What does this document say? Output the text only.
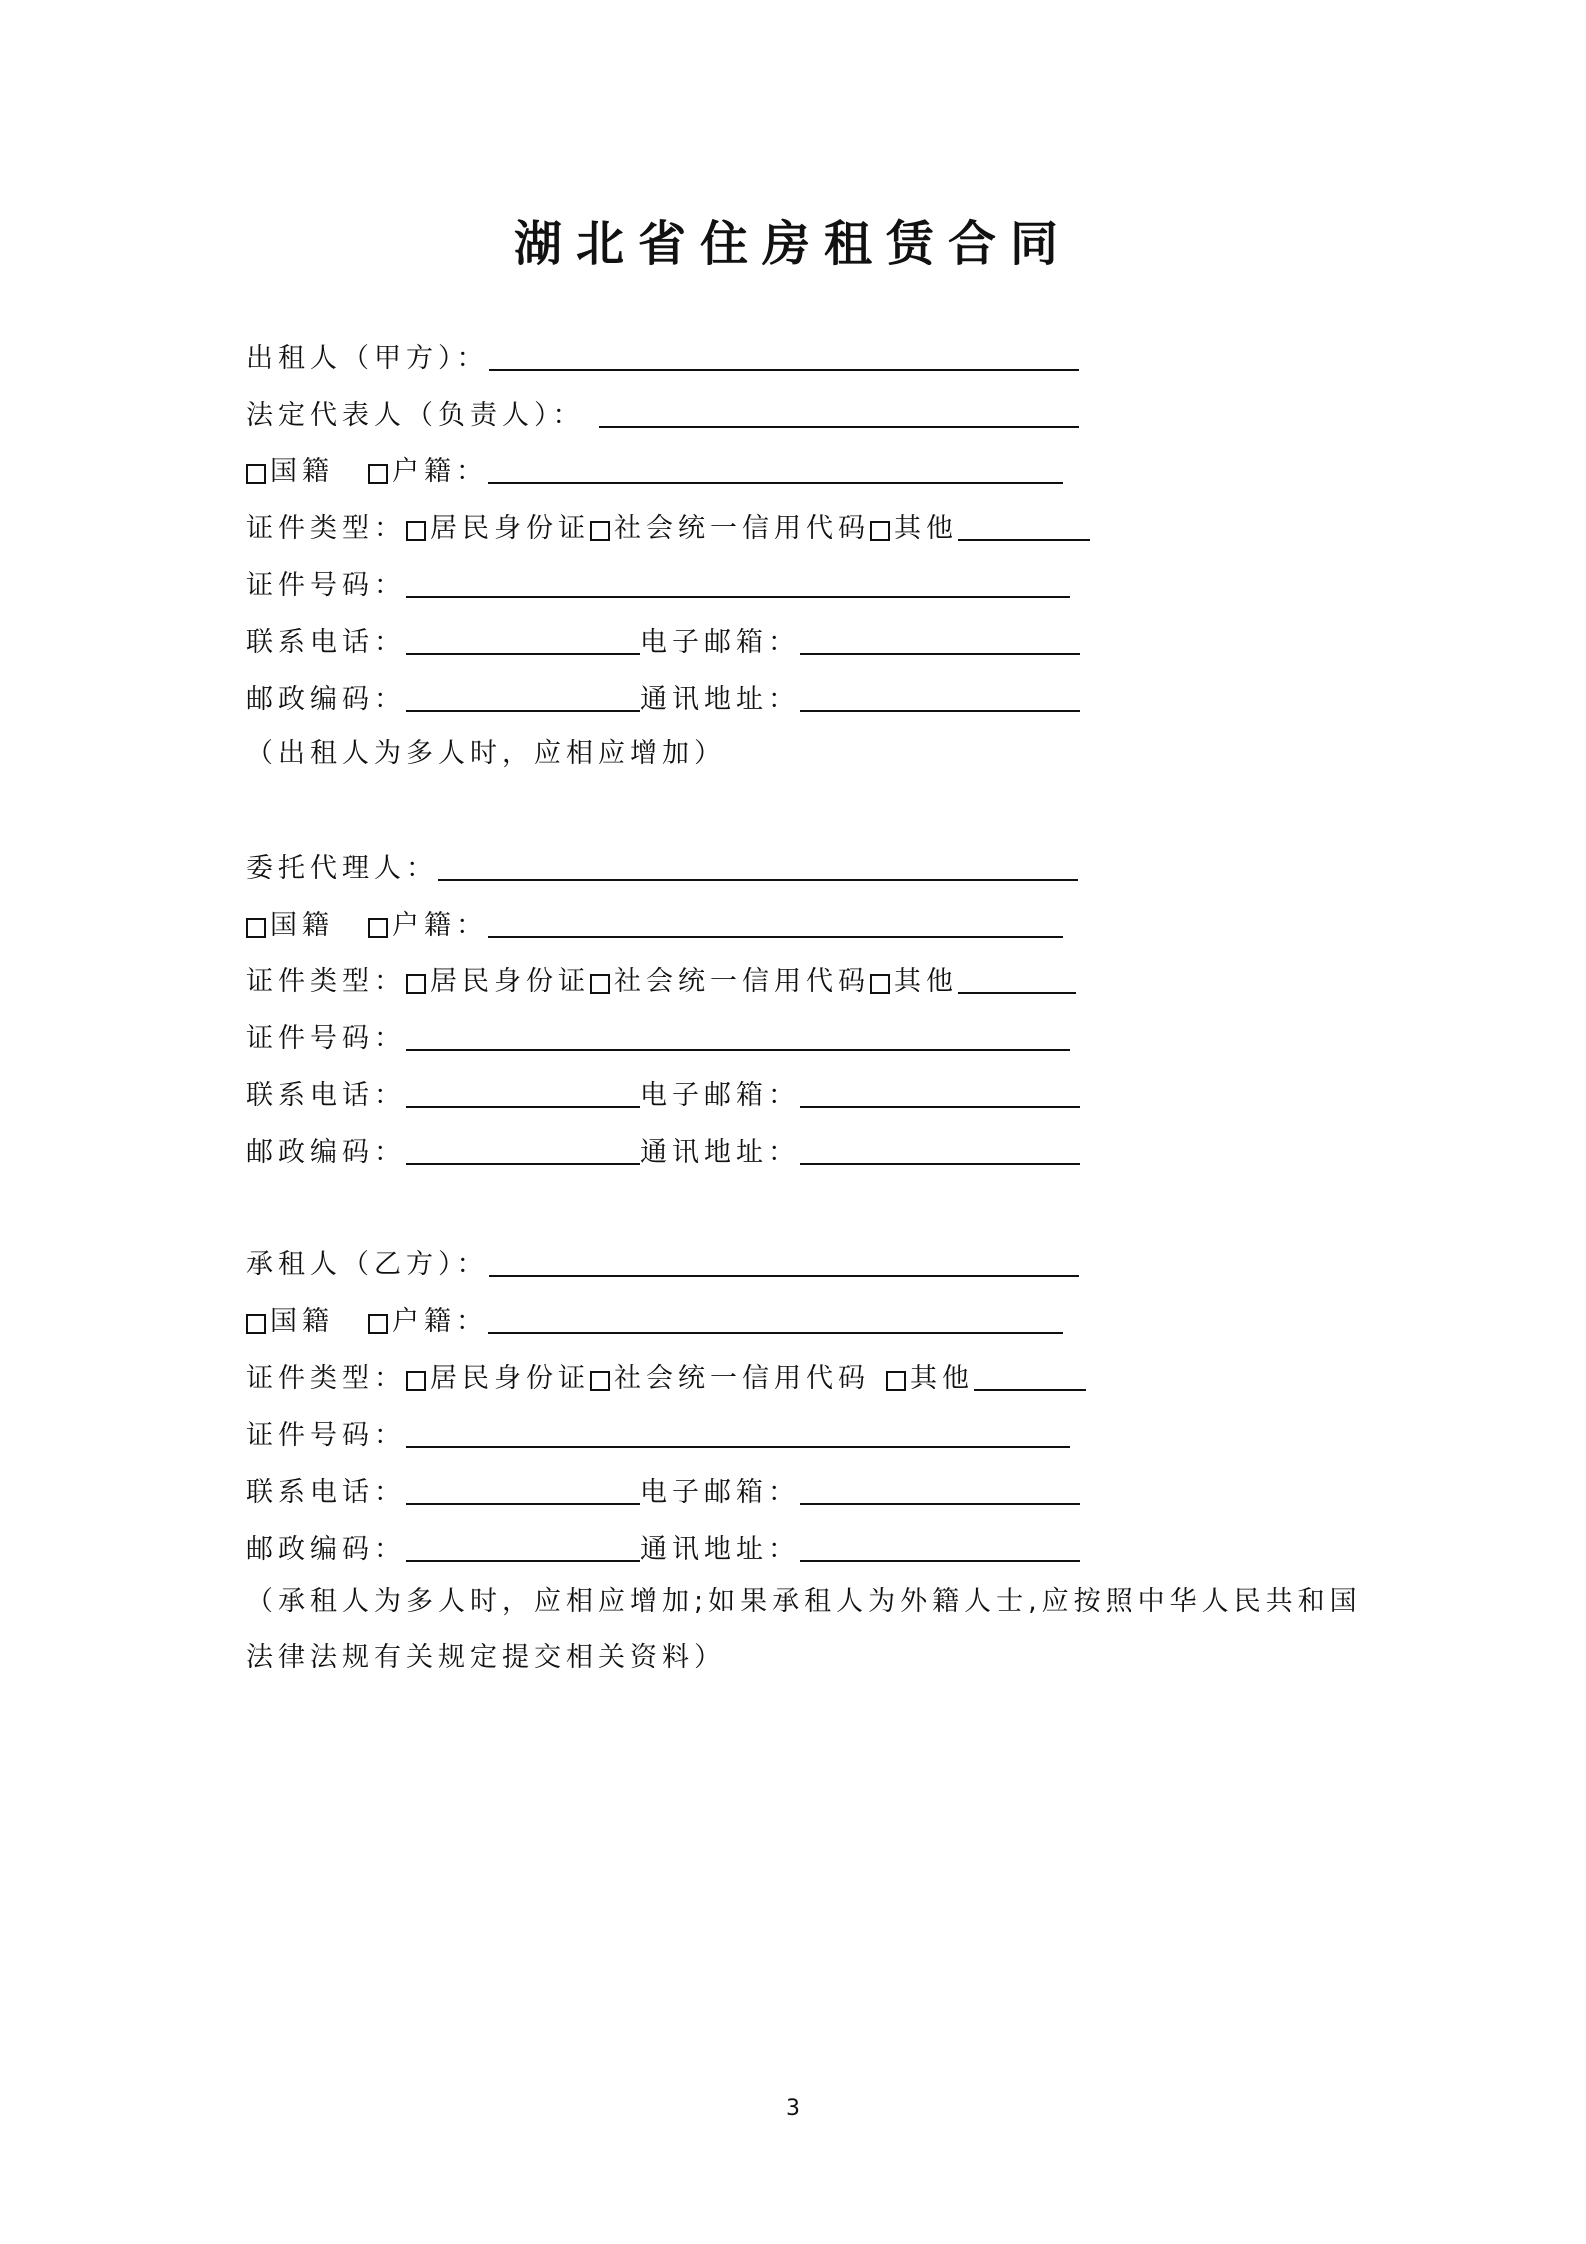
湖北省住房租赁合同
出租人（甲方）：
法定代表人（负责人）：
国籍 户籍：
证件类型： 居民身份证 社会统一信用代码 其他
证件号码：
联系电话：	电子邮箱：
邮政编码：	通讯地址：
（出租人为多人时，应相应增加）
委托代理人：
国籍 户籍：
证件类型： 居民身份证 社会统一信用代码 其他
证件号码：
联系电话：	电子邮箱：
邮政编码：	通讯地址：
承租人（乙方）：
国籍 户籍：
证件类型： 居民身份证 社会统一信用代码 其他
证件号码：
联系电话：	电子邮箱：
邮政编码：	通讯地址：
（承租人为多人时，应相应增加;如果承租人为外籍人士,应按照中华人民共和国法律法规有关规定提交相关资料）
3
